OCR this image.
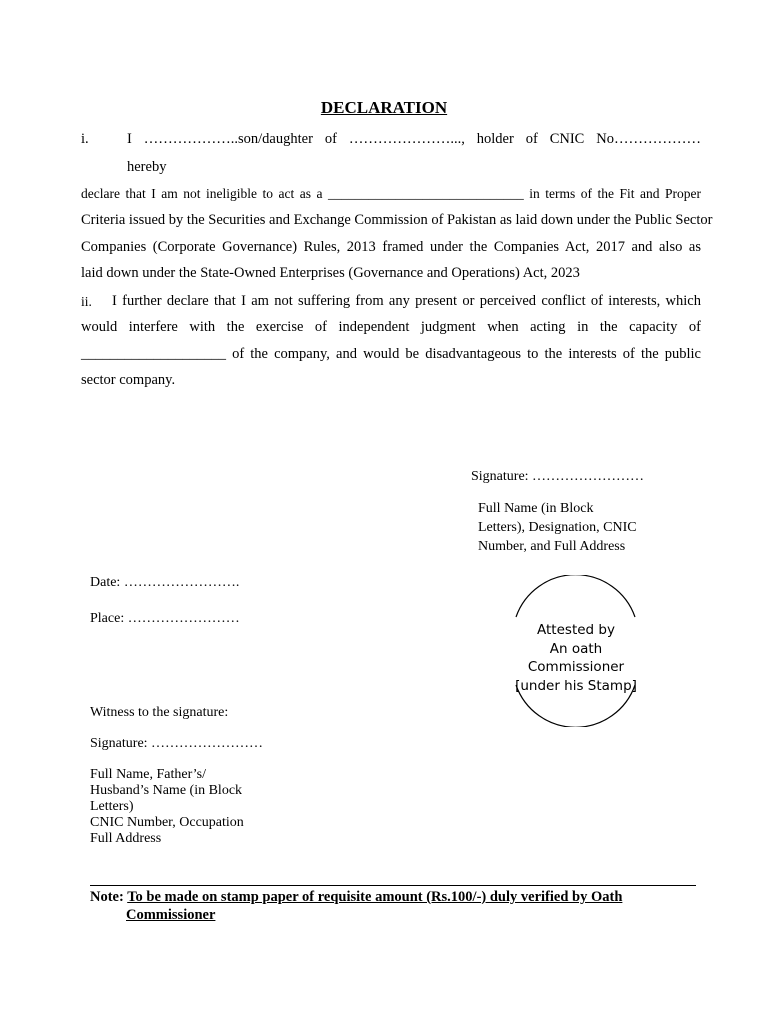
DECLARATION
i.	I ………………..son/daughter of …………………..., holder of CNIC No………………
hereby
declare that I am not ineligible to act as a _____________________________ in terms of the Fit and Proper
Criteria issued by the Securities and Exchange Commission of Pakistan as laid down under the Public Sector
Companies (Corporate Governance) Rules, 2013 framed under the Companies Act, 2017 and also as
laid down under the State-Owned Enterprises (Governance and Operations) Act, 2023
ii.	I further declare that I am not suffering from any present or perceived conflict of interests, which
would interfere with the exercise of independent judgment when acting in the capacity of
____________________ of the company, and would be disadvantageous to the interests of the public
sector company.
Signature: ……………………
Full Name (in Block
Letters), Designation, CNIC
Number, and Full Address
Date: …………………….
Place: ……………………
Attested by
An oath
Commissioner
[under his Stamp]
Witness to the signature:
Signature: ……………………
Full Name, Father’s/
Husband’s Name (in Block
Letters)
CNIC Number, Occupation
Full Address
Note: To be made on stamp paper of requisite amount (Rs.100/-) duly verified by Oath
Commissioner
